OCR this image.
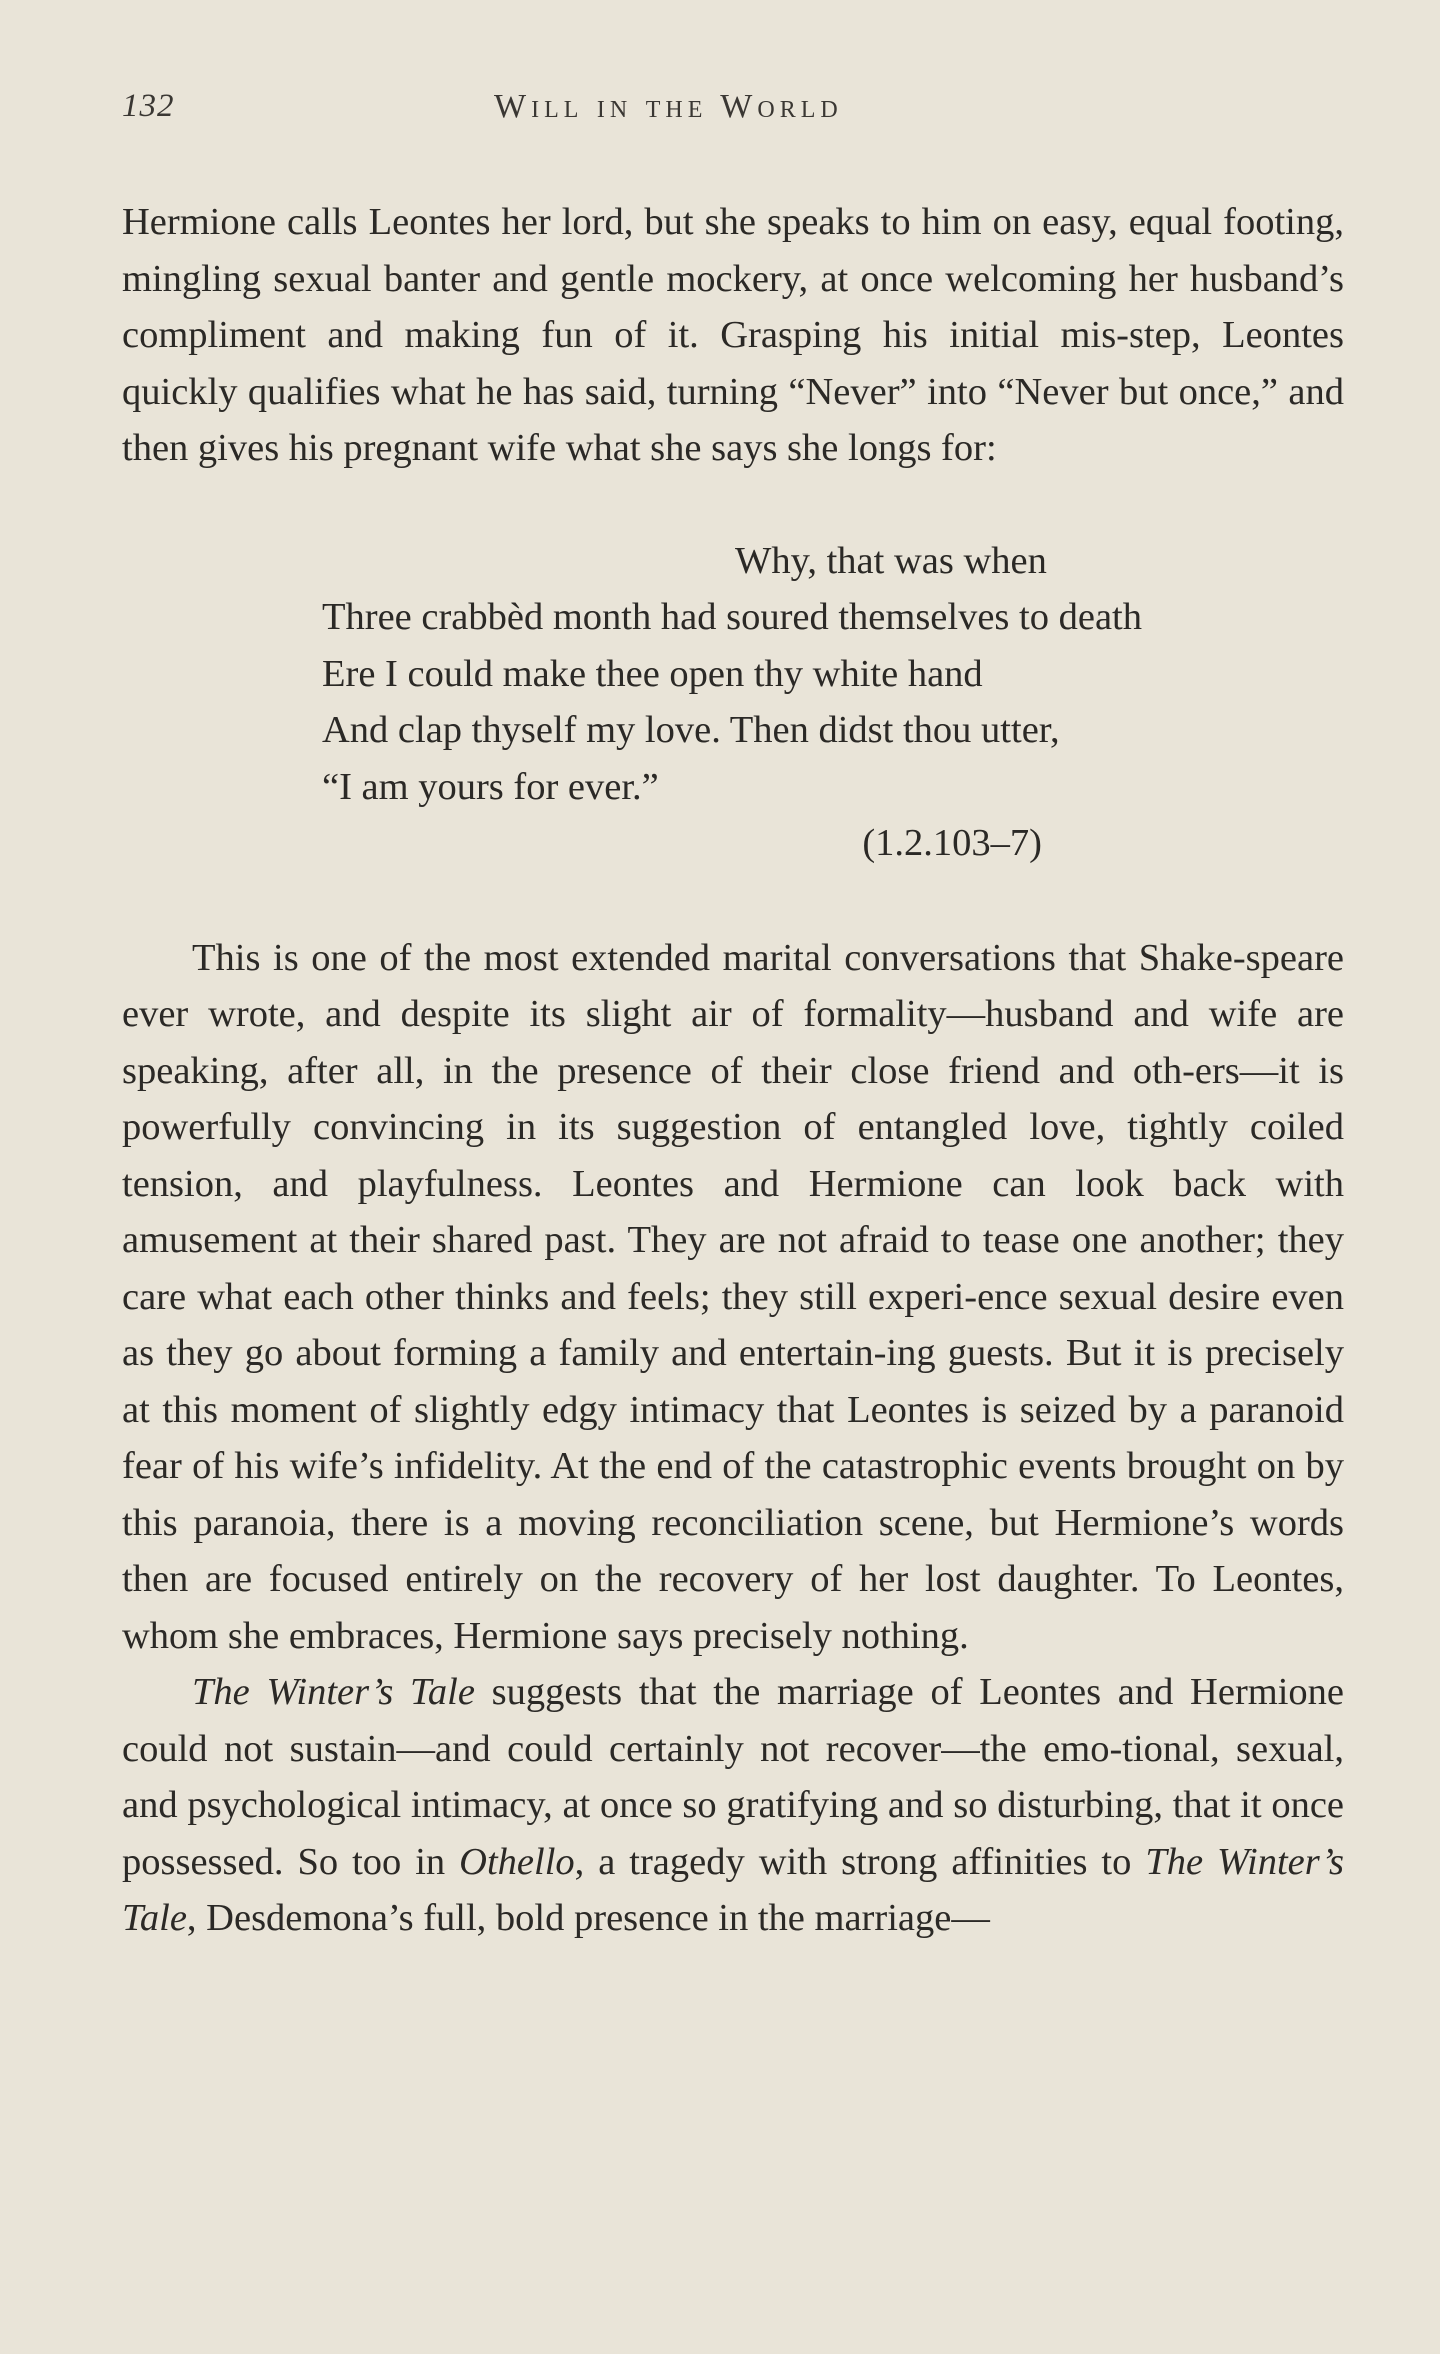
132	Will in the World

Hermione calls Leontes her lord, but she speaks to him on easy, equal footing, mingling sexual banter and gentle mockery, at once welcoming her husband’s compliment and making fun of it. Grasping his initial mis-step, Leontes quickly qualifies what he has said, turning “Never” into “Never but once,” and then gives his pregnant wife what she says she longs for:

Why, that was when
Three crabbèd month had soured themselves to death
Ere I could make thee open thy white hand
And clap thyself my love. Then didst thou utter,
“I am yours for ever.”
(1.2.103–7)

This is one of the most extended marital conversations that Shake-speare ever wrote, and despite its slight air of formality—husband and wife are speaking, after all, in the presence of their close friend and oth-ers—it is powerfully convincing in its suggestion of entangled love, tightly coiled tension, and playfulness. Leontes and Hermione can look back with amusement at their shared past. They are not afraid to tease one another; they care what each other thinks and feels; they still experi-ence sexual desire even as they go about forming a family and entertain-ing guests. But it is precisely at this moment of slightly edgy intimacy that Leontes is seized by a paranoid fear of his wife’s infidelity. At the end of the catastrophic events brought on by this paranoia, there is a moving reconciliation scene, but Hermione’s words then are focused entirely on the recovery of her lost daughter. To Leontes, whom she embraces, Hermione says precisely nothing.

The Winter’s Tale suggests that the marriage of Leontes and Hermione could not sustain—and could certainly not recover—the emo-tional, sexual, and psychological intimacy, at once so gratifying and so disturbing, that it once possessed. So too in Othello, a tragedy with strong affinities to The Winter’s Tale, Desdemona’s full, bold presence in the marriage—
